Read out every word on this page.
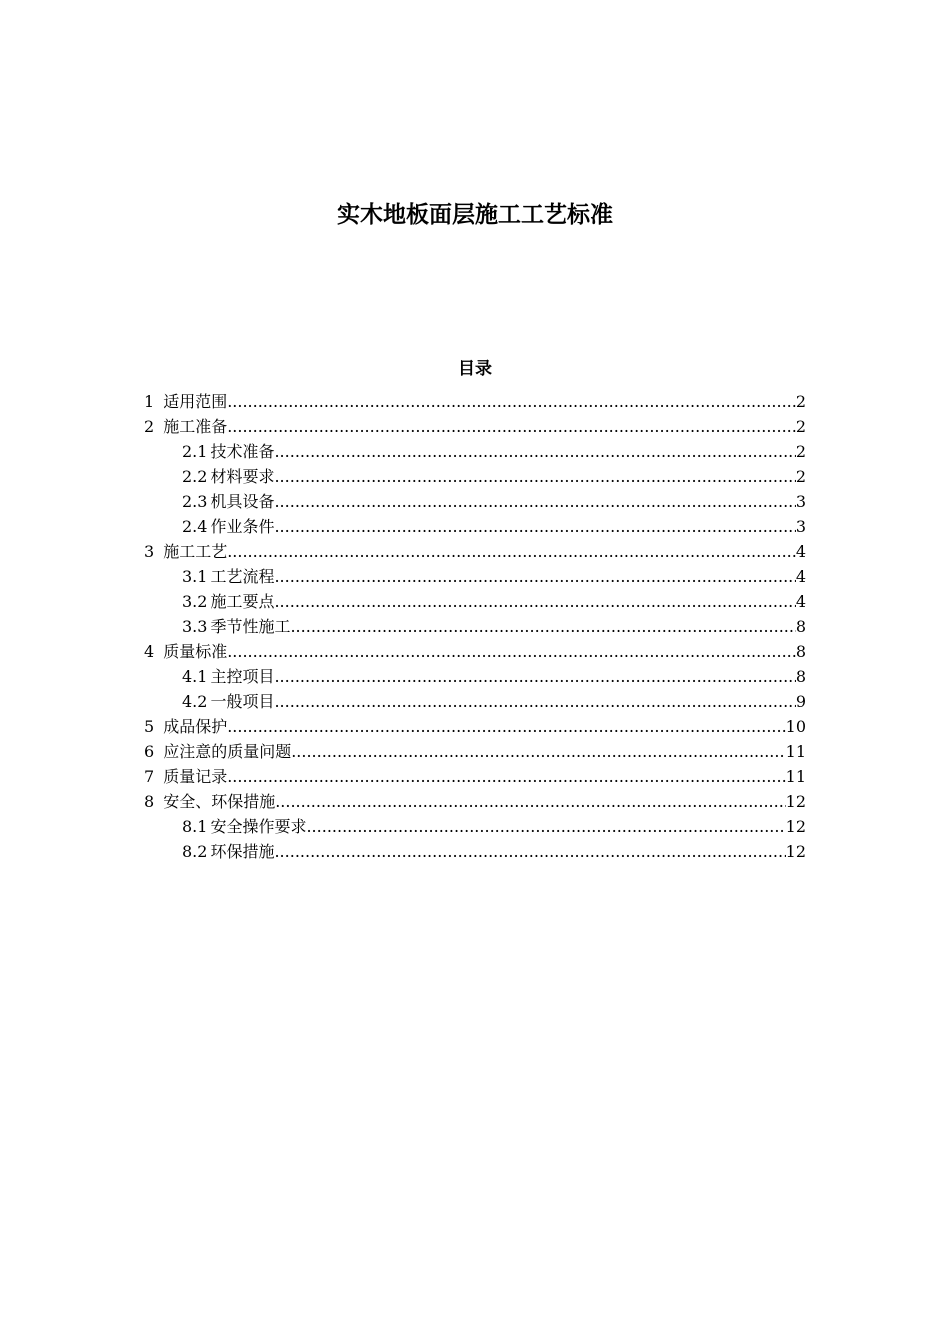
实木地板面层施工工艺标准
目录
1 适用范围 .....	2
2 施工准备 .....	2
2.1 技术准备 .....	2
2.2 材料要求 .....	2
2.3 机具设备 .....	3
2.4 作业条件 .....	3
3 施工工艺 .....	4
3.1 工艺流程 .....	4
3.2 施工要点 .....	4
3.3 季节性施工 .....	8
4 质量标准 .....	8
4.1 主控项目 .....	8
4.2 一般项目 .....	9
5 成品保护 .....	10
6 应注意的质量问题 .....	11
7 质量记录 .....	11
8 安全、环保措施 .....	12
8.1 安全操作要求 .....	12
8.2 环保措施 .....	12
